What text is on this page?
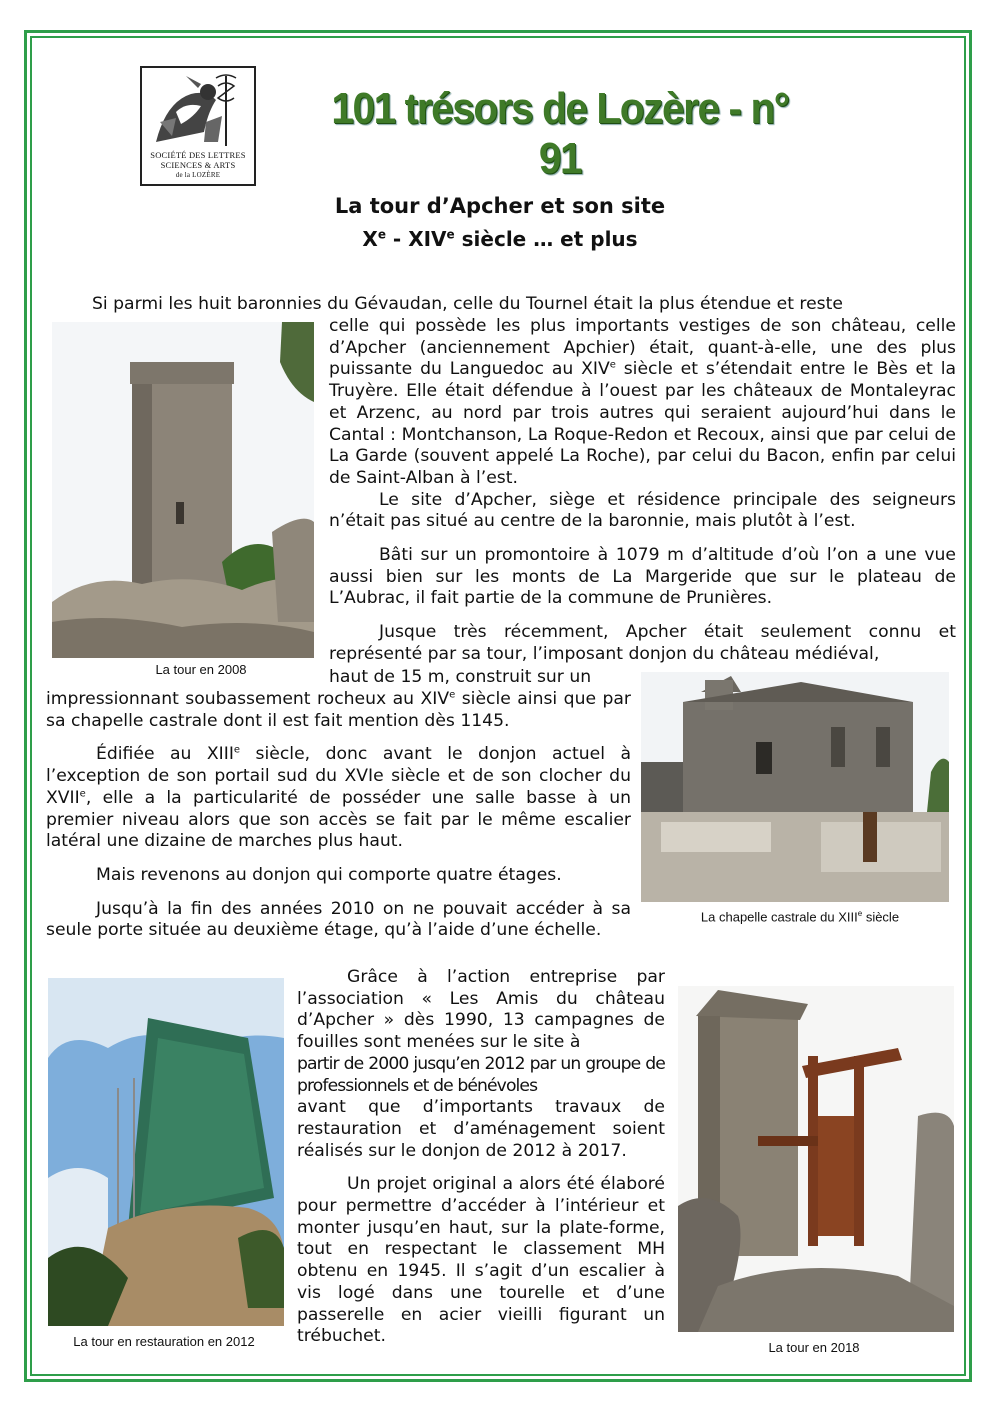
SOCIÉTÉ DES LETTRES
SCIENCES & ARTS
de la LOZÈRE
101 trésors de Lozère - n° 91
La tour d’Apcher et son site
Xe - XIVe siècle … et plus
Si parmi les huit baronnies du Gévaudan, celle du Tournel était la plus étendue et reste
La tour en 2008

celle qui possède les plus importants vestiges de son château, celle d’Apcher (anciennement Apchier) était, quant-à-elle, une des plus puissante du Languedoc au XIVe siècle et s’étendait entre le Bès et la Truyère. Elle était défendue à l’ouest par les châteaux de Montaleyrac et Arzenc, au nord par trois autres qui seraient aujourd’hui dans le Cantal : Montchanson, La Roque-Redon et Recoux, ainsi que par celui de La Garde (souvent appelé La Roche), par celui du Bacon, enfin par celui de Saint-Alban à l’est.

Le site d’Apcher, siège et résidence principale des seigneurs n’était pas situé au centre de la baronnie, mais plutôt à l’est.

Bâti sur un promontoire à 1079 m d’altitude d’où l’on a une vue aussi bien sur les monts de La Margeride que sur le plateau de L’Aubrac, il fait partie de la commune de Prunières.

Jusque très récemment, Apcher était seulement connu et représenté par sa tour, l’imposant donjon du château médiéval,

haut de 15 m, construit sur un
La chapelle castrale du XIIIe siècle

impressionnant soubassement rocheux au XIVe siècle ainsi que par sa chapelle castrale dont il est fait mention dès 1145.

Édifiée au XIIIe siècle, donc avant le donjon actuel à l’exception de son portail sud du XVIe siècle et de son clocher du XVIIe, elle a la particularité de posséder une salle basse à un premier niveau alors que son accès se fait par le même escalier latéral une dizaine de marches plus haut.

Mais revenons au donjon qui comporte quatre étages.

Jusqu’à la fin des années 2010 on ne pouvait accéder à sa seule porte située au deuxième étage, qu’à l’aide d’une échelle.

La tour en restauration en 2012

Grâce à l’action entreprise par l’association « Les Amis du château d’Apcher » dès 1990, 13 campagnes de fouilles sont menées sur le site à

partir de 2000 jusqu’en 2012 par un groupe de professionnels et de bénévoles

avant que d’importants travaux de restauration et d’aménagement soient réalisés sur le donjon de 2012 à 2017.

Un projet original a alors été élaboré pour permettre d’accéder à l’intérieur et monter jusqu’en haut, sur la plate-forme, tout en respectant le classement MH obtenu en 1945. Il s’agit d’un escalier à vis logé dans une tourelle et d’une passerelle en acier vieilli figurant un trébuchet.

La tour en 2018
